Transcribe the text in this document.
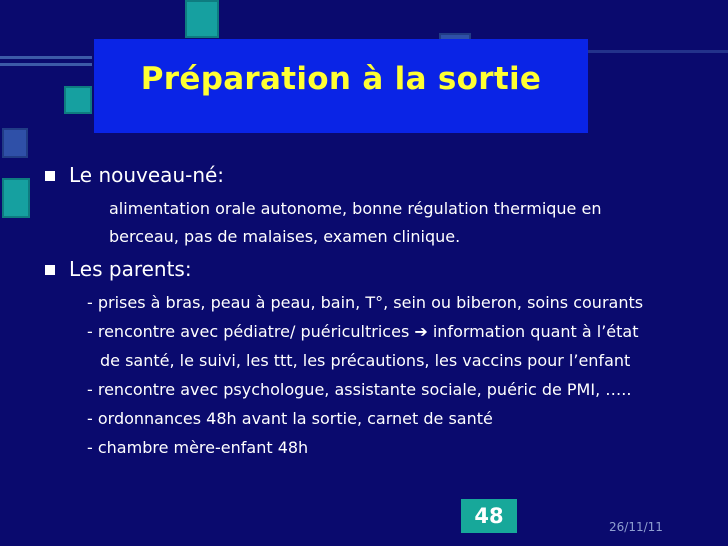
Préparation à la sortie
Le nouveau-né:
alimentation orale autonome, bonne régulation thermique en
berceau, pas de malaises, examen clinique.
Les parents:
- prises à bras, peau à peau, bain, T°, sein ou biberon, soins courants
- rencontre avec pédiatre/ puéricultrices ➔ information quant à l’état
de santé, le suivi, les ttt, les précautions, les vaccins pour l’enfant
- rencontre avec psychologue, assistante sociale, puéric de PMI, …..
- ordonnances 48h avant la sortie, carnet de santé
- chambre mère-enfant 48h
48	26/11/11
